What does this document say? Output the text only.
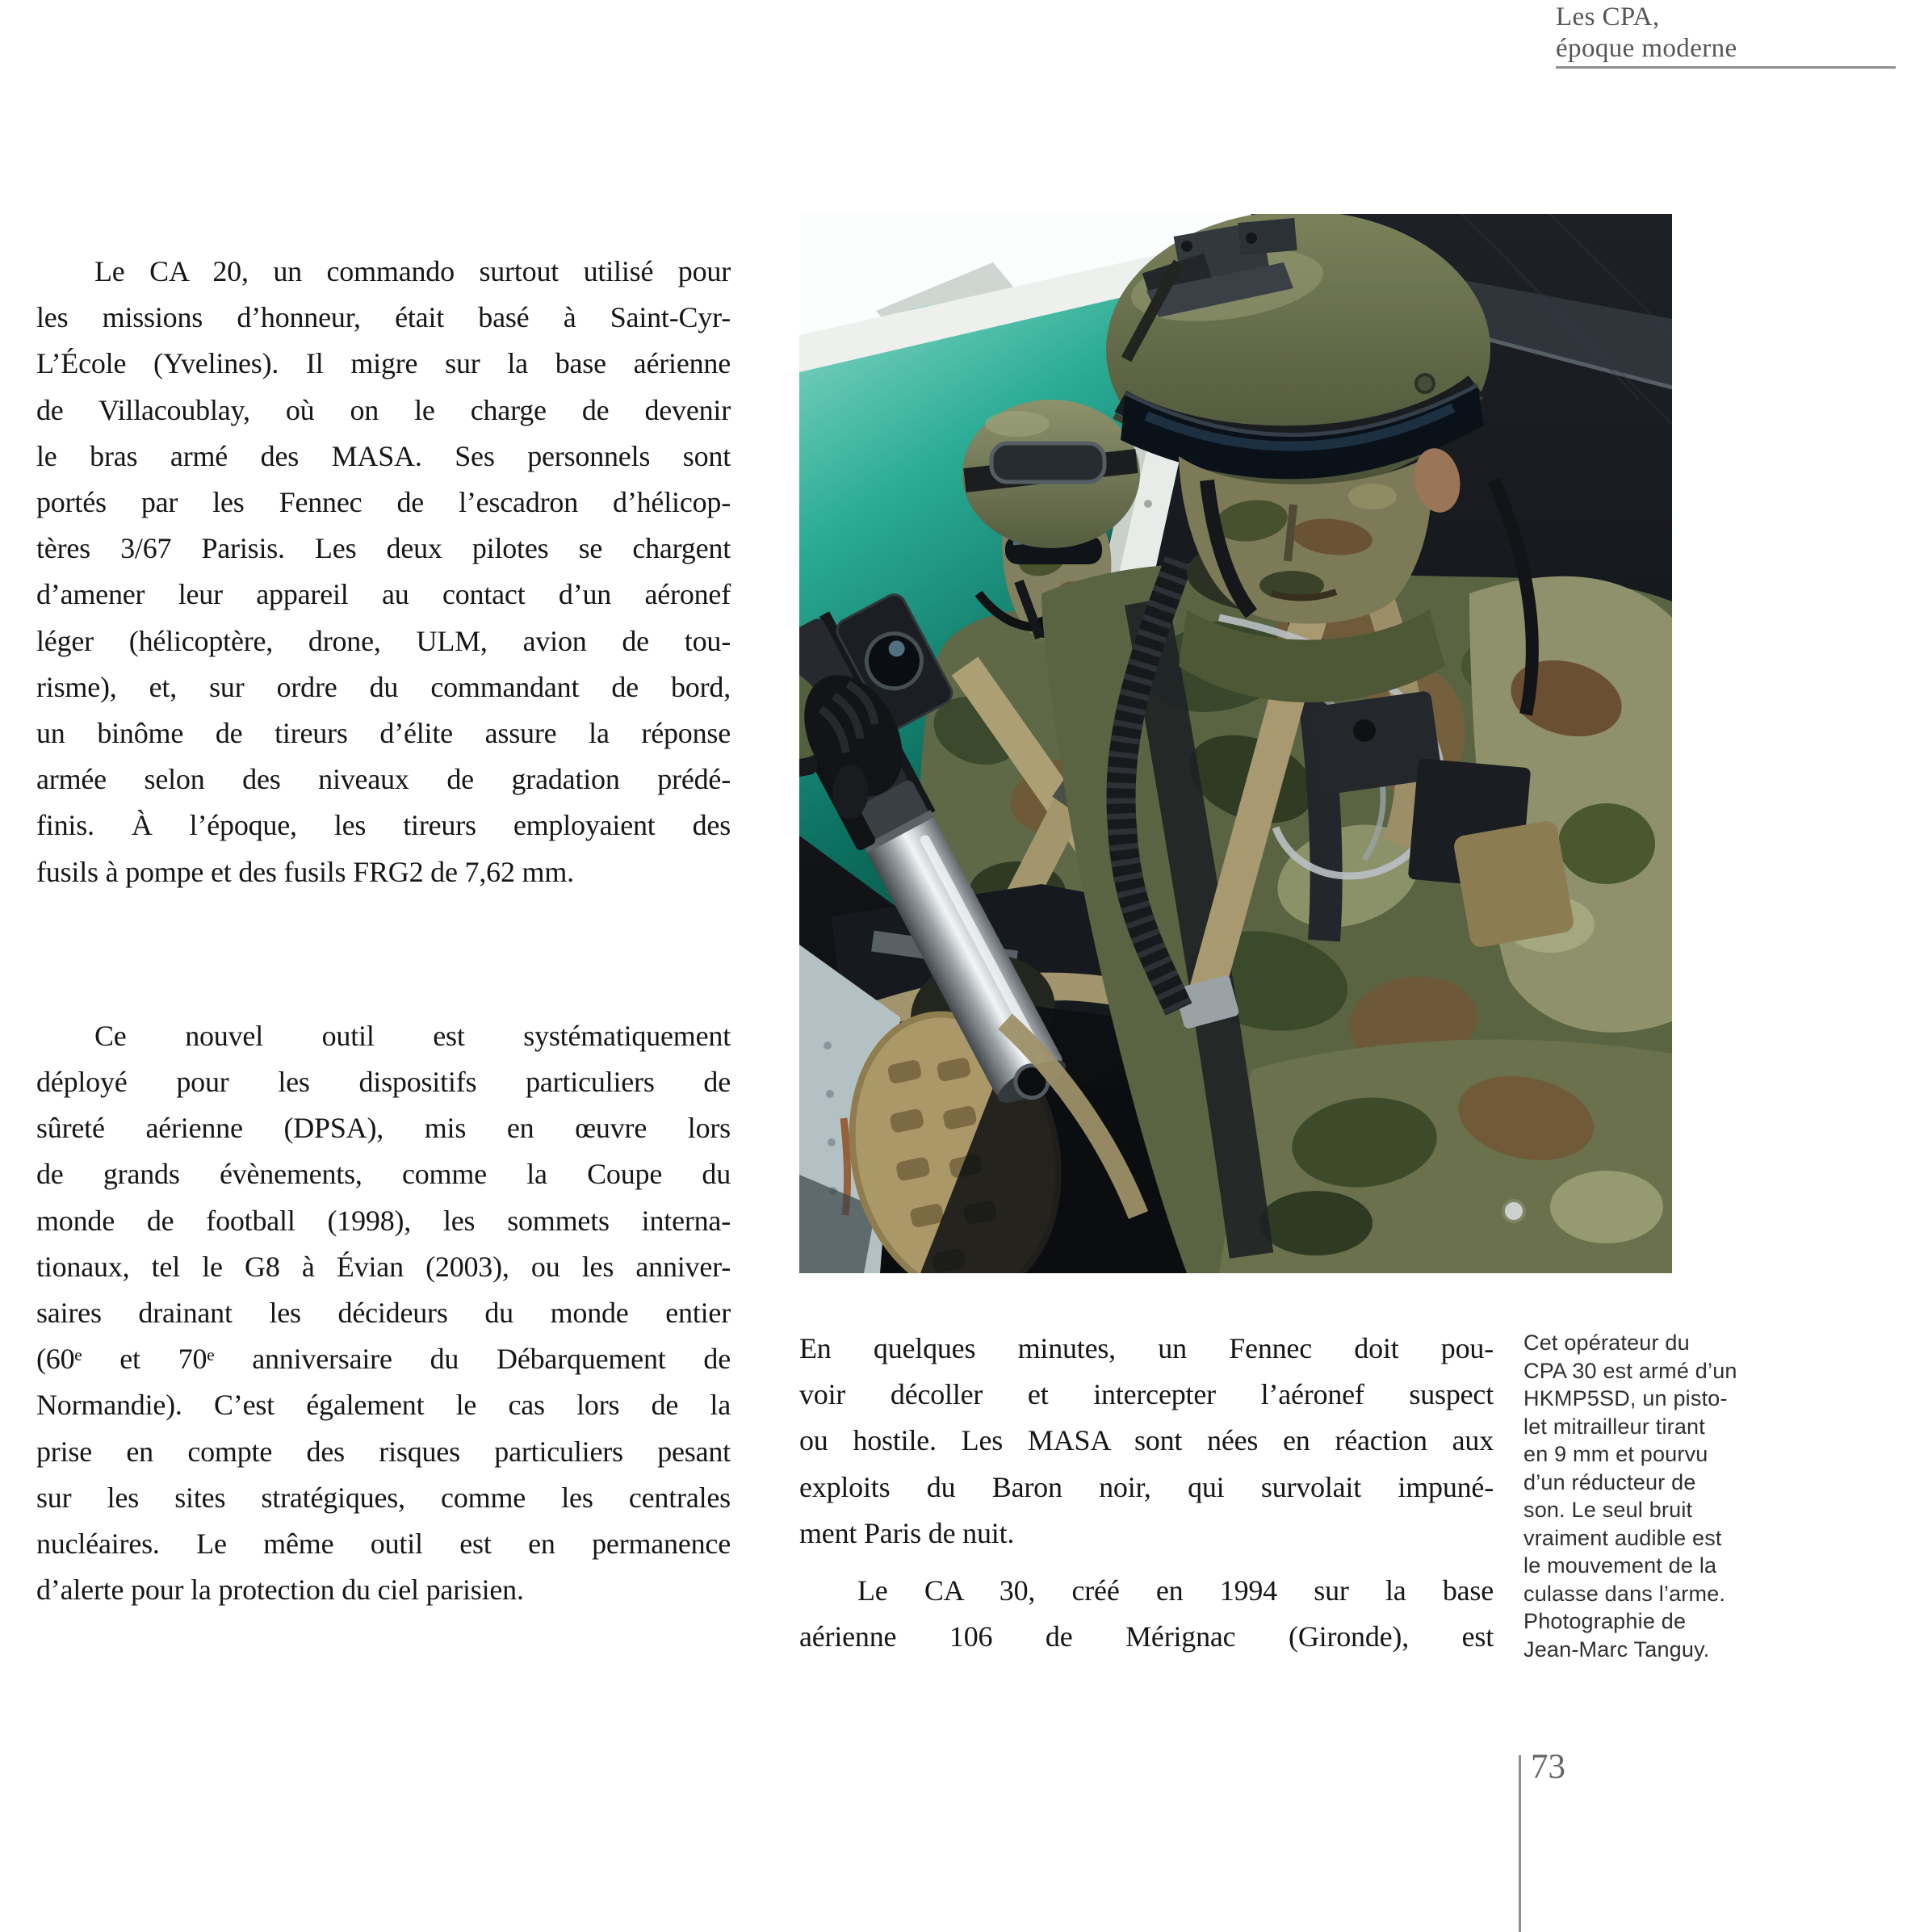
Les CPA,
époque moderne

Le CA 20, un commando surtout utilisé pour
les missions d’honneur, était basé à Saint-Cyr-
L’École (Yvelines). Il migre sur la base aérienne
de Villacoublay, où on le charge de devenir
le bras armé des MASA. Ses personnels sont
portés par les Fennec de l’escadron d’hélicop-
tères 3/67 Parisis. Les deux pilotes se chargent
d’amener leur appareil au contact d’un aéronef
léger (hélicoptère, drone, ULM, avion de tou-
risme), et, sur ordre du commandant de bord,
un binôme de tireurs d’élite assure la réponse
armée selon des niveaux de gradation prédé-
finis. À l’époque, les tireurs employaient des
fusils à pompe et des fusils FRG2 de 7,62 mm.

Ce nouvel outil est systématiquement
déployé pour les dispositifs particuliers de
sûreté aérienne (DPSA), mis en œuvre lors
de grands évènements, comme la Coupe du
monde de football (1998), les sommets interna-
tionaux, tel le G8 à Évian (2003), ou les anniver-
saires drainant les décideurs du monde entier
(60ᵉ et 70ᵉ anniversaire du Débarquement de
Normandie). C’est également le cas lors de la
prise en compte des risques particuliers pesant
sur les sites stratégiques, comme les centrales
nucléaires. Le même outil est en permanence
d’alerte pour la protection du ciel parisien.

En quelques minutes, un Fennec doit pou-
voir décoller et intercepter l’aéronef suspect
ou hostile. Les MASA sont nées en réaction aux
exploits du Baron noir, qui survolait impuné-
ment Paris de nuit.

Le CA 30, créé en 1994 sur la base
aérienne 106 de Mérignac (Gironde), est

Cet opérateur du
CPA 30 est armé d’un
HKMP5SD, un pisto-
let mitrailleur tirant
en 9 mm et pourvu
d’un réducteur de
son. Le seul bruit
vraiment audible est
le mouvement de la
culasse dans l’arme.
Photographie de
Jean-Marc Tanguy.
73
